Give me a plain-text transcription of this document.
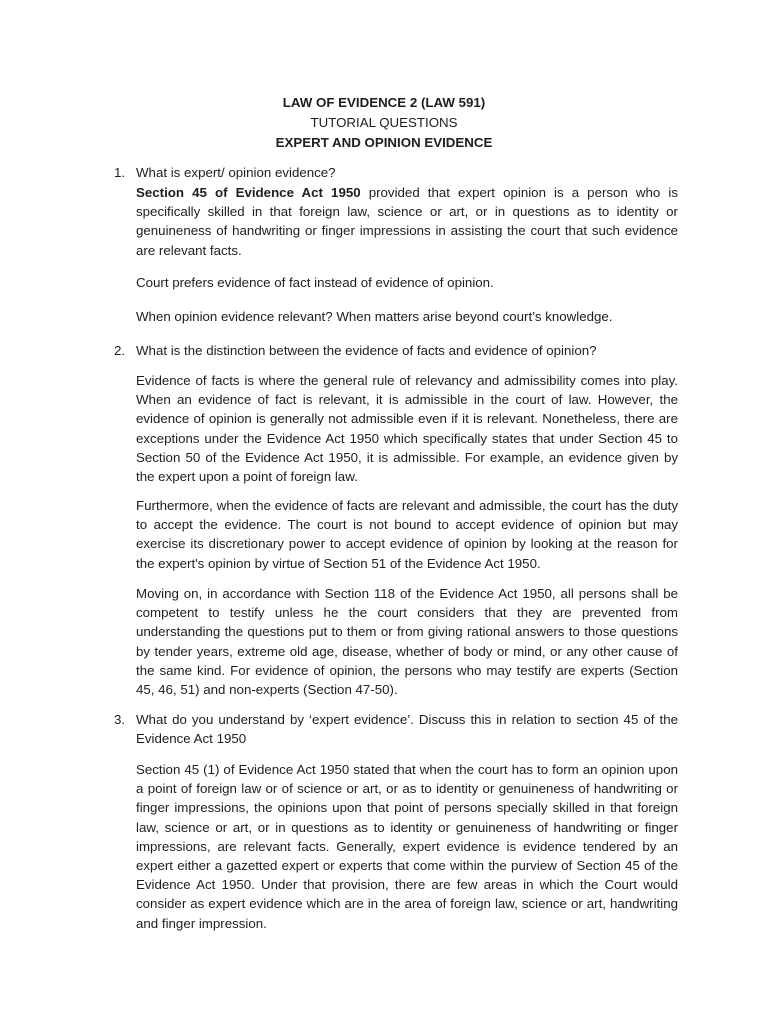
LAW OF EVIDENCE 2 (LAW 591)
TUTORIAL QUESTIONS
EXPERT AND OPINION EVIDENCE
1. What is expert/ opinion evidence?

Section 45 of Evidence Act 1950 provided that expert opinion is a person who is specifically skilled in that foreign law, science or art, or in questions as to identity or genuineness of handwriting or finger impressions in assisting the court that such evidence are relevant facts.

Court prefers evidence of fact instead of evidence of opinion.

When opinion evidence relevant? When matters arise beyond court’s knowledge.

2. What is the distinction between the evidence of facts and evidence of opinion?

Evidence of facts is where the general rule of relevancy and admissibility comes into play. When an evidence of fact is relevant, it is admissible in the court of law. However, the evidence of opinion is generally not admissible even if it is relevant. Nonetheless, there are exceptions under the Evidence Act 1950 which specifically states that under Section 45 to Section 50 of the Evidence Act 1950, it is admissible. For example, an evidence given by the expert upon a point of foreign law.

Furthermore, when the evidence of facts are relevant and admissible, the court has the duty to accept the evidence. The court is not bound to accept evidence of opinion but may exercise its discretionary power to accept evidence of opinion by looking at the reason for the expert's opinion by virtue of Section 51 of the Evidence Act 1950.

Moving on, in accordance with Section 118 of the Evidence Act 1950, all persons shall be competent to testify unless he the court considers that they are prevented from understanding the questions put to them or from giving rational answers to those questions by tender years, extreme old age, disease, whether of body or mind, or any other cause of the same kind. For evidence of opinion, the persons who may testify are experts (Section 45, 46, 51) and non-experts (Section 47-50).

3. What do you understand by ‘expert evidence’. Discuss this in relation to section 45 of the Evidence Act 1950

Section 45 (1) of Evidence Act 1950 stated that when the court has to form an opinion upon a point of foreign law or of science or art, or as to identity or genuineness of handwriting or finger impressions, the opinions upon that point of persons specially skilled in that foreign law, science or art, or in questions as to identity or genuineness of handwriting or finger impressions, are relevant facts. Generally, expert evidence is evidence tendered by an expert either a gazetted expert or experts that come within the purview of Section 45 of the Evidence Act 1950. Under that provision, there are few areas in which the Court would consider as expert evidence which are in the area of foreign law, science or art, handwriting and finger impression.
